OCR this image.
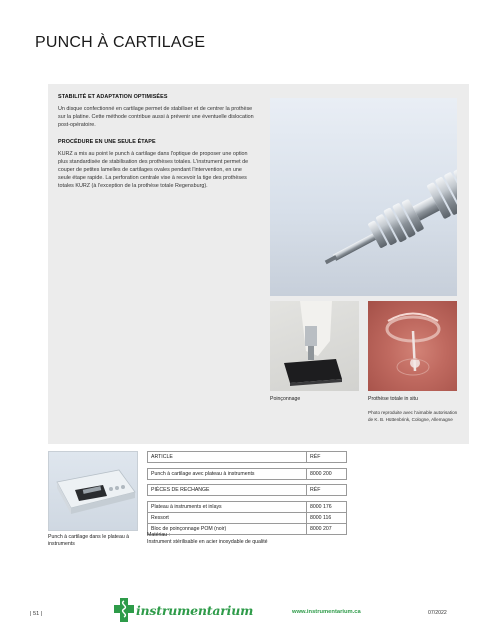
PUNCH À CARTILAGE
STABILITÉ ET ADAPTATION OPTIMISÉES
Un disque confectionné en cartilage permet de stabiliser et de centrer la prothèse sur la platine. Cette méthode contribue aussi à prévenir une éventuelle dislocation post-opératoire.
PROCÉDURE EN UNE SEULE ÉTAPE
KURZ a mis au point le punch à cartilage dans l'optique de proposer une option plus standardisée de stabilisation des prothèses totales. L'instrument permet de couper de petites lamelles de cartilages ovales pendant l'intervention, en une seule étape rapide. La perforation centrale vise à recevoir la tige des prothèses totales KURZ (à l'exception de la prothèse totale Regensburg).
Poinçonnage	Prothèse totale in situ
Photo reproduite avec l'aimable autorisation de K. B. Hüttenbrink, Cologne, Allemagne
Punch à cartilage dans le plateau à instruments
ARTICLE	RÉF

Punch à cartilage avec plateau à instruments	8000 200
PIÈCES DE RECHANGE	RÉF

Plateau à instruments et inlays	8000 176
Ressort	8000 116
Bloc de poinçonnage POM (noir)	8000 207
Matériau :
Instrument stérilisable en acier inoxydable de qualité
| 51 |	instrumentarium	www.instrumentarium.ca	07/2022
